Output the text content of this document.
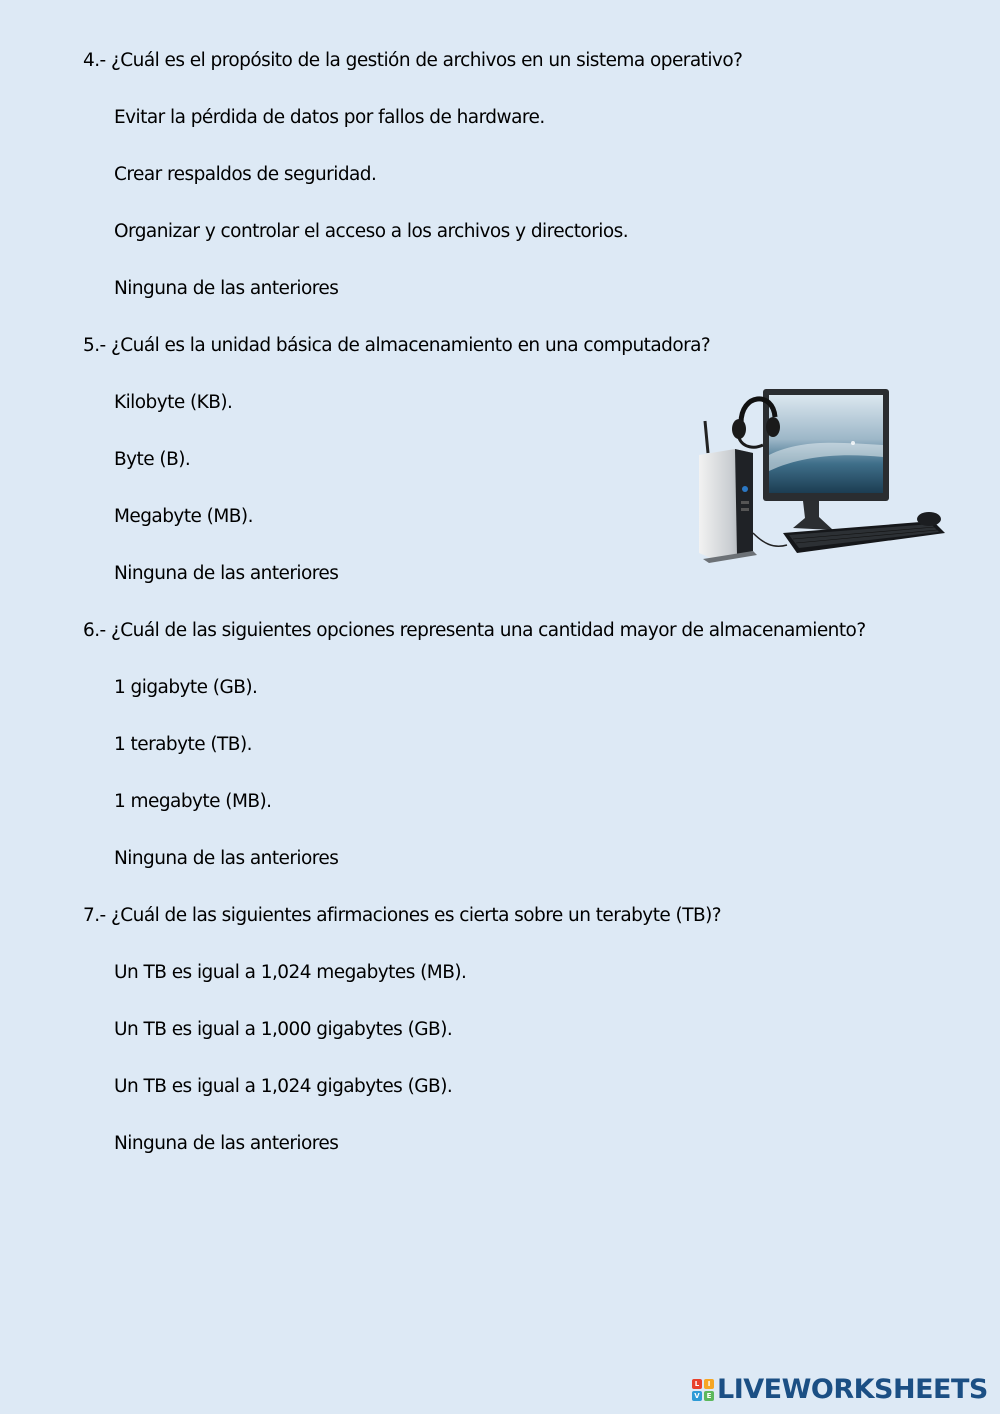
4.- ¿Cuál es el propósito de la gestión de archivos en un sistema operativo?
Evitar la pérdida de datos por fallos de hardware.
Crear respaldos de seguridad.
Organizar y controlar el acceso a los archivos y directorios.
Ninguna de las anteriores
5.- ¿Cuál es la unidad básica de almacenamiento en una computadora?
Kilobyte (KB).
Byte (B).
Megabyte (MB).
Ninguna de las anteriores
6.- ¿Cuál de las siguientes opciones representa una cantidad mayor de almacenamiento?
1 gigabyte (GB).
1 terabyte (TB).
1 megabyte (MB).
Ninguna de las anteriores
7.- ¿Cuál de las siguientes afirmaciones es cierta sobre un terabyte (TB)?
Un TB es igual a 1,024 megabytes (MB).
Un TB es igual a 1,000 gigabytes (GB).
Un TB es igual a 1,024 gigabytes (GB).
Ninguna de las anteriores
L	I
V E LIVEWORKSHEETS
